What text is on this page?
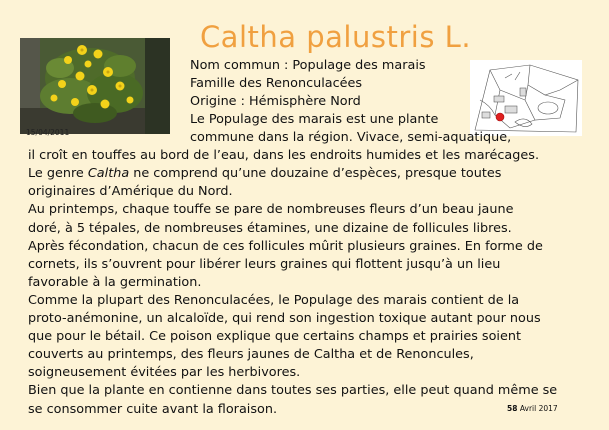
Caltha palustris L.
15/04/2011
Nom commun : Populage des marais
Famille des Renonculacées
Origine : Hémisphère Nord
Le Populage des marais est une plante
commune dans la région. Vivace, semi-aquatique,
il croît en touffes au bord de l’eau, dans les endroits humides et les marécages.
Le genre Caltha ne comprend qu’une douzaine d’espèces, presque toutes
originaires d’Amérique du Nord.
Au printemps, chaque touffe se pare de nombreuses fleurs d’un beau jaune
doré, à 5 tépales, de nombreuses étamines, une dizaine de follicules libres.
Après fécondation, chacun de ces follicules mûrit plusieurs graines. En forme de
cornets, ils s’ouvrent pour libérer leurs graines qui flottent jusqu’à un lieu
favorable à la germination.
Comme la plupart des Renonculacées, le Populage des marais contient de la
proto-anémonine, un alcaloïde, qui rend son ingestion toxique autant pour nous
que pour le bétail. Ce poison explique que certains champs et prairies soient
couverts au printemps, des fleurs jaunes de Caltha et de Renoncules,
soigneusement évitées par les herbivores.
Bien que la plante en contienne dans toutes ses parties, elle peut quand même se
se consommer cuite avant la floraison.	58 Avril 2017
